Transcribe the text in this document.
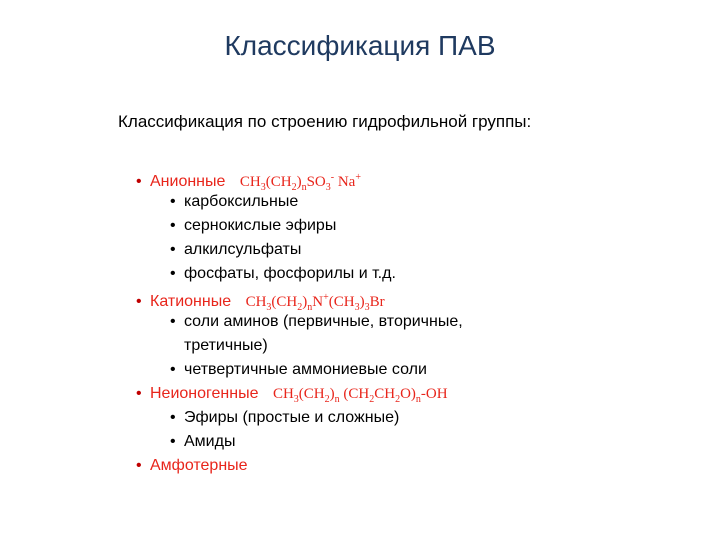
Классификация ПАВ
Классификация по строению гидрофильной группы:
• Анионные $CH_3(CH_2)_nSO_3^-$ Na+
• карбоксильные
• сернокислые эфиры
• алкилсульфаты
• фосфаты, фосфорилы и т.д.
• Катионные $CH_3(CH_2)_nN^+(CH_3)_3Br$
• соли аминов (первичные, вторичные,
третичные)
• четвертичные аммониевые соли
• Неионогенные $CH_3(CH_2)_n$ $(CH_2CH_2O)_n-OH$
• Эфиры (простые и сложные)
• Амиды
• Амфотерные
